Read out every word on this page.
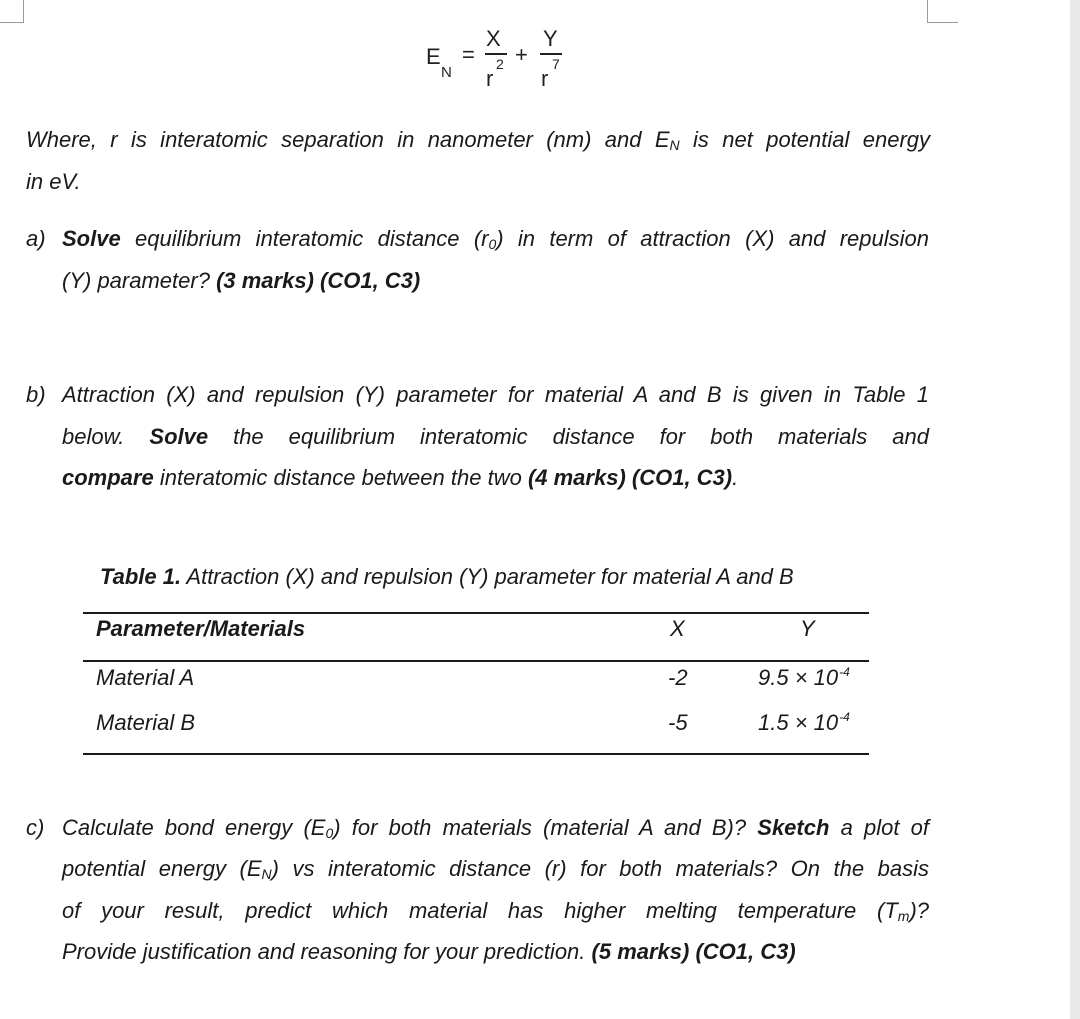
E
N
=
X
r
2 +
Y
r
7
Where, r is interatomic separation in nanometer (nm) and $E_N$ is net potential energy
in eV.
a) Solve equilibrium interatomic distance $(r_0)$ in term of attraction (X) and repulsion
(Y) parameter? (3 marks) (CO1, C3)
b) Attraction (X) and repulsion (Y) parameter for material A and B is given in Table 1
below. Solve the equilibrium interatomic distance for both materials and
compare interatomic distance between the two (4 marks) (CO1, C3).
Table 1. Attraction (X) and repulsion (Y) parameter for material A and B
Parameter/Materials	X	Y
Material A	-2	$9.5 \times 10^{-4}$
Material B	-5	$1.5 \times 10^{-4}$
c) Calculate bond energy $(E_0)$ for both materials (material A and B)? Sketch a plot of
potential energy $(E_N)$ vs interatomic distance (r) for both materials? On the basis
of your result, predict which material has higher melting temperature $(T_m)$?
Provide justification and reasoning for your prediction. (5 marks) (CO1, C3)
